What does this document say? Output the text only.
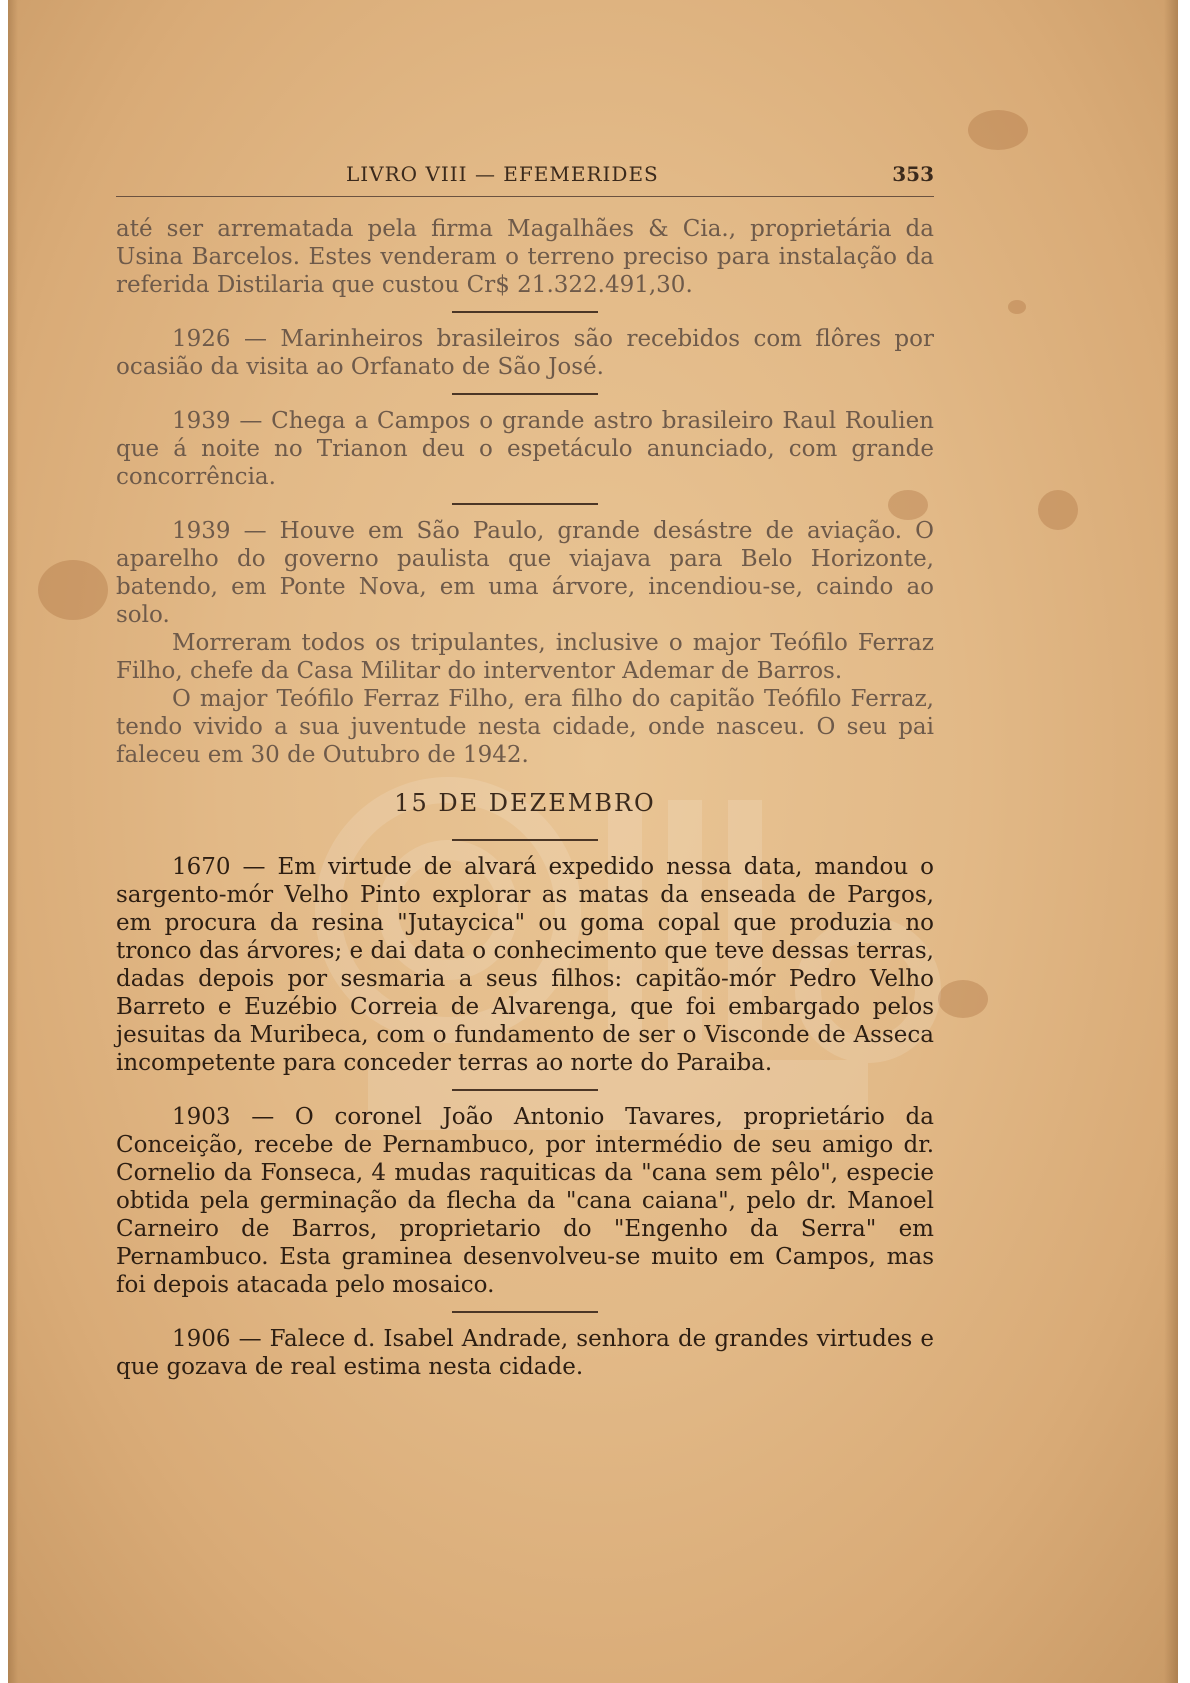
LIVRO VIII — EFEMERIDES	353

até ser arrematada pela firma Magalhães & Cia., proprietária da Usina Barcelos. Estes venderam o terreno preciso para instalação da referida Distilaria que custou Cr$ 21.322.491,30.

1926 — Marinheiros brasileiros são recebidos com flôres por ocasião da visita ao Orfanato de São José.

1939 — Chega a Campos o grande astro brasileiro Raul Roulien que á noite no Trianon deu o espetáculo anunciado, com grande concorrência.

1939 — Houve em São Paulo, grande desástre de aviação. O aparelho do governo paulista que viajava para Belo Horizonte, batendo, em Ponte Nova, em uma árvore, incendiou-se, caindo ao solo.

Morreram todos os tripulantes, inclusive o major Teófilo Ferraz Filho, chefe da Casa Militar do interventor Ademar de Barros.

O major Teófilo Ferraz Filho, era filho do capitão Teófilo Ferraz, tendo vivido a sua juventude nesta cidade, onde nasceu. O seu pai faleceu em 30 de Outubro de 1942.

15 DE DEZEMBRO

1670 — Em virtude de alvará expedido nessa data, mandou o sargento-mór Velho Pinto explorar as matas da enseada de Pargos, em procura da resina "Jutaycica" ou goma copal que produzia no tronco das árvores; e dai data o conhecimento que teve dessas terras, dadas depois por sesmaria a seus filhos: capitão-mór Pedro Velho Barreto e Euzébio Correia de Alvarenga, que foi embargado pelos jesuitas da Muribeca, com o fundamento de ser o Visconde de Asseca incompetente para conceder terras ao norte do Paraiba.

1903 — O coronel João Antonio Tavares, proprietário da Conceição, recebe de Pernambuco, por intermédio de seu amigo dr. Cornelio da Fonseca, 4 mudas raquiticas da "cana sem pêlo", especie obtida pela germinação da flecha da "cana caiana", pelo dr. Manoel Carneiro de Barros, proprietario do "Engenho da Serra" em Pernambuco. Esta graminea desenvolveu-se muito em Campos, mas foi depois atacada pelo mosaico.

1906 — Falece d. Isabel Andrade, senhora de grandes virtudes e que gozava de real estima nesta cidade.
